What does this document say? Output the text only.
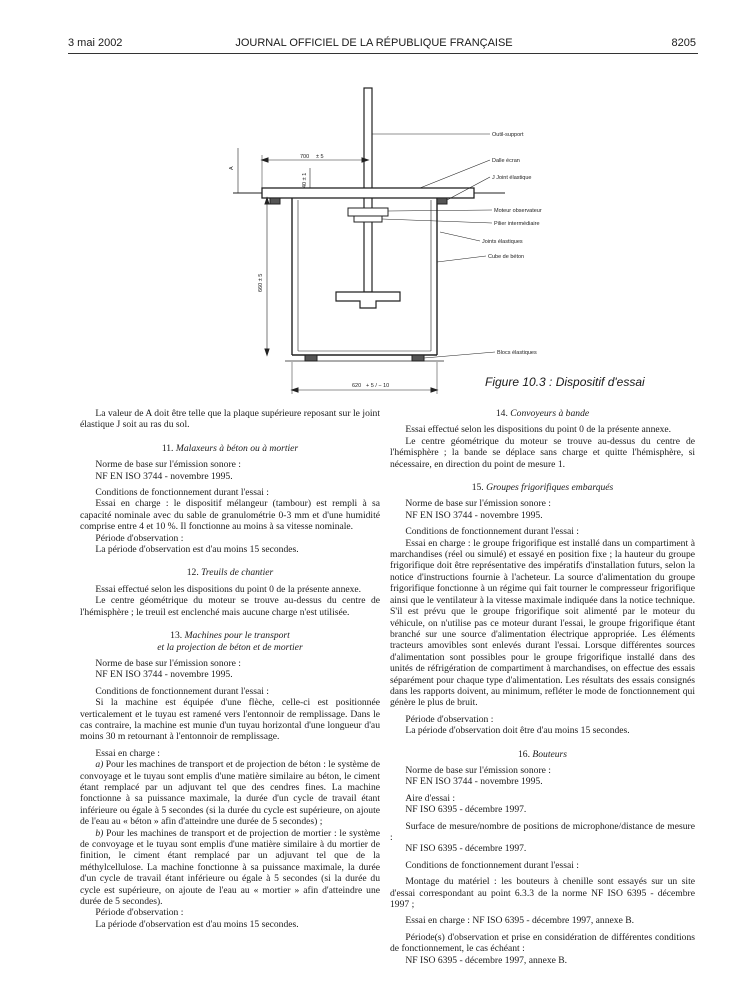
3 mai 2002	JOURNAL OFFICIEL DE LA RÉPUBLIQUE FRANÇAISE	8205
Outil-support
Dalle écran
J Joint élastique
Moteur observateur
Pilier intermédiaire
Joints élastiques
Cube de béton
Blocs élastiques
700 ± 5
A
40 ± 1
660 ± 5
620 + 5 / − 10	Figure 10.3 : Dispositif d'essai

La valeur de A doit être telle que la plaque supérieure reposant sur le joint élastique J soit au ras du sol.

11. Malaxeurs à béton ou à mortier

Norme de base sur l'émission sonore :

NF EN ISO 3744 - novembre 1995.

Conditions de fonctionnement durant l'essai :

Essai en charge : le dispositif mélangeur (tambour) est rempli à sa capacité nominale avec du sable de granulométrie 0-3 mm et d'une humidité comprise entre 4 et 10 %. Il fonctionne au moins à sa vitesse nominale.

Période d'observation :

La période d'observation est d'au moins 15 secondes.

12. Treuils de chantier

Essai effectué selon les dispositions du point 0 de la présente annexe.

Le centre géométrique du moteur se trouve au-dessus du centre de l'hémisphère ; le treuil est enclenché mais aucune charge n'est utilisée.

13. Machines pour le transport

et la projection de béton et de mortier

Norme de base sur l'émission sonore :

NF EN ISO 3744 - novembre 1995.

Conditions de fonctionnement durant l'essai :

Si la machine est équipée d'une flèche, celle-ci est positionnée verticalement et le tuyau est ramené vers l'entonnoir de remplissage. Dans le cas contraire, la machine est munie d'un tuyau horizontal d'une longueur d'au moins 30 m retournant à l'entonnoir de remplissage.

Essai en charge :

a) Pour les machines de transport et de projection de béton : le système de convoyage et le tuyau sont emplis d'une matière similaire au béton, le ciment étant remplacé par un adjuvant tel que des cendres fines. La machine fonctionne à sa puissance maximale, la durée d'un cycle de travail étant inférieure ou égale à 5 secondes (si la durée du cycle est supérieure, on ajoute de l'eau au « béton » afin d'atteindre une durée de 5 secondes) ;

b) Pour les machines de transport et de projection de mortier : le système de convoyage et le tuyau sont emplis d'une matière similaire à du mortier de finition, le ciment étant remplacé par un adjuvant tel que de la méthylcellulose. La machine fonctionne à sa puissance maximale, la durée d'un cycle de travail étant inférieure ou égale à 5 secondes (si la durée du cycle est supérieure, on ajoute de l'eau au « mortier » afin d'atteindre une durée de 5 secondes).

Période d'observation :

La période d'observation est d'au moins 15 secondes.

14. Convoyeurs à bande

Essai effectué selon les dispositions du point 0 de la présente annexe.

Le centre géométrique du moteur se trouve au-dessus du centre de l'hémisphère ; la bande se déplace sans charge et quitte l'hémisphère, si nécessaire, en direction du point de mesure 1.

15. Groupes frigorifiques embarqués

Norme de base sur l'émission sonore :

NF EN ISO 3744 - novembre 1995.

Conditions de fonctionnement durant l'essai :

Essai en charge : le groupe frigorifique est installé dans un compartiment à marchandises (réel ou simulé) et essayé en position fixe ; la hauteur du groupe frigorifique doit être représentative des impératifs d'installation futurs, selon la notice d'instructions fournie à l'acheteur. La source d'alimentation du groupe frigorifique fonctionne à un régime qui fait tourner le compresseur frigorifique ainsi que le ventilateur à la vitesse maximale indiquée dans la notice technique. S'il est prévu que le groupe frigorifique soit alimenté par le moteur du véhicule, on n'utilise pas ce moteur durant l'essai, le groupe frigorifique étant branché sur une source d'alimentation électrique appropriée. Les éléments tracteurs amovibles sont enlevés durant l'essai. Lorsque différentes sources d'alimentation sont possibles pour le groupe frigorifique installé dans des unités de réfrigération de compartiment à marchandises, on effectue des essais séparément pour chaque type d'alimentation. Les résultats des essais consignés dans les rapports doivent, au minimum, refléter le mode de fonctionnement qui génère le plus de bruit.

Période d'observation :

La période d'observation doit être d'au moins 15 secondes.

16. Bouteurs

Norme de base sur l'émission sonore :

NF EN ISO 3744 - novembre 1995.

Aire d'essai :

NF ISO 6395 - décembre 1997.

Surface de mesure/nombre de positions de microphone/distance de mesure :

NF ISO 6395 - décembre 1997.

Conditions de fonctionnement durant l'essai :

Montage du matériel : les bouteurs à chenille sont essayés sur un site d'essai correspondant au point 6.3.3 de la norme NF ISO 6395 - décembre 1997 ;

Essai en charge : NF ISO 6395 - décembre 1997, annexe B.

Période(s) d'observation et prise en considération de différentes conditions de fonctionnement, le cas échéant :

NF ISO 6395 - décembre 1997, annexe B.
